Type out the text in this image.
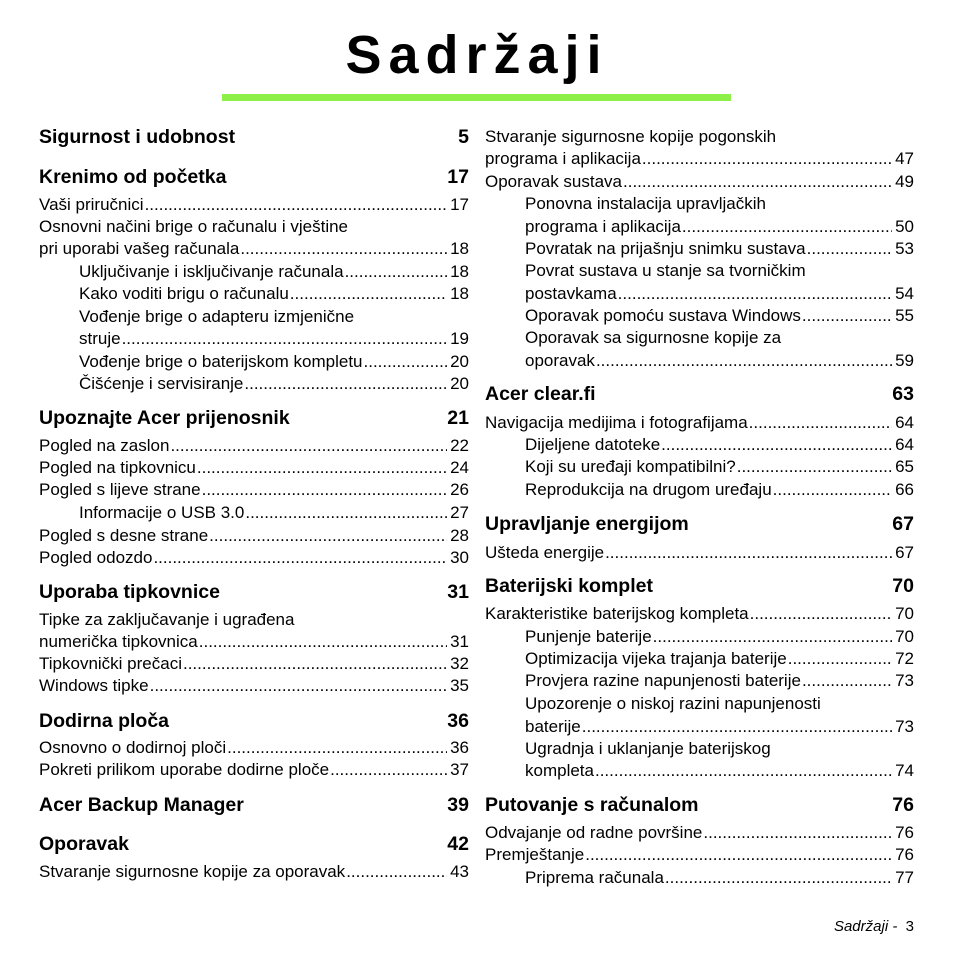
Sadržaji
Sigurnost i udobnost	5
Krenimo od početka	17
Vaši priručnici .....	17
Osnovni načini brige o računalu i vještine
pri uporabi vašeg računala .....	18
Uključivanje i isključivanje računala .....	18
Kako voditi brigu o računalu .....	18
Vođenje brige o adapteru izmjenične
struje .....	19
Vođenje brige o baterijskom kompletu .....	20
Čišćenje i servisiranje .....	20
Upoznajte Acer prijenosnik	21
Pogled na zaslon .....	22
Pogled na tipkovnicu .....	24
Pogled s lijeve strane .....	26
Informacije o USB 3.0 .....	27
Pogled s desne strane .....	28
Pogled odozdo .....	30
Uporaba tipkovnice	31
Tipke za zaključavanje i ugrađena
numerička tipkovnica .....	31
Tipkovnički prečaci .....	32
Windows tipke .....	35
Dodirna ploča	36
Osnovno o dodirnoj ploči .....	36
Pokreti prilikom uporabe dodirne ploče .....	37
Acer Backup Manager	39
Oporavak	42
Stvaranje sigurnosne kopije za oporavak .....	43
Stvaranje sigurnosne kopije pogonskih
programa i aplikacija .....	47
Oporavak sustava .....	49
Ponovna instalacija upravljačkih
programa i aplikacija .....	50
Povratak na prijašnju snimku sustava .....	53
Povrat sustava u stanje sa tvorničkim
postavkama .....	54
Oporavak pomoću sustava Windows .....	55
Oporavak sa sigurnosne kopije za
oporavak .....	59
Acer clear.fi	63
Navigacija medijima i fotografijama .....	64
Dijeljene datoteke .....	64
Koji su uređaji kompatibilni? .....	65
Reprodukcija na drugom uređaju .....	66
Upravljanje energijom	67
Ušteda energije .....	67
Baterijski komplet	70
Karakteristike baterijskog kompleta .....	70
Punjenje baterije .....	70
Optimizacija vijeka trajanja baterije .....	72
Provjera razine napunjenosti baterije .....	73
Upozorenje o niskoj razini napunjenosti
baterije .....	73
Ugradnja i uklanjanje baterijskog
kompleta .....	74
Putovanje s računalom	76
Odvajanje od radne površine .....	76
Premještanje .....	76
Priprema računala .....	77
Sadržaji - 3
